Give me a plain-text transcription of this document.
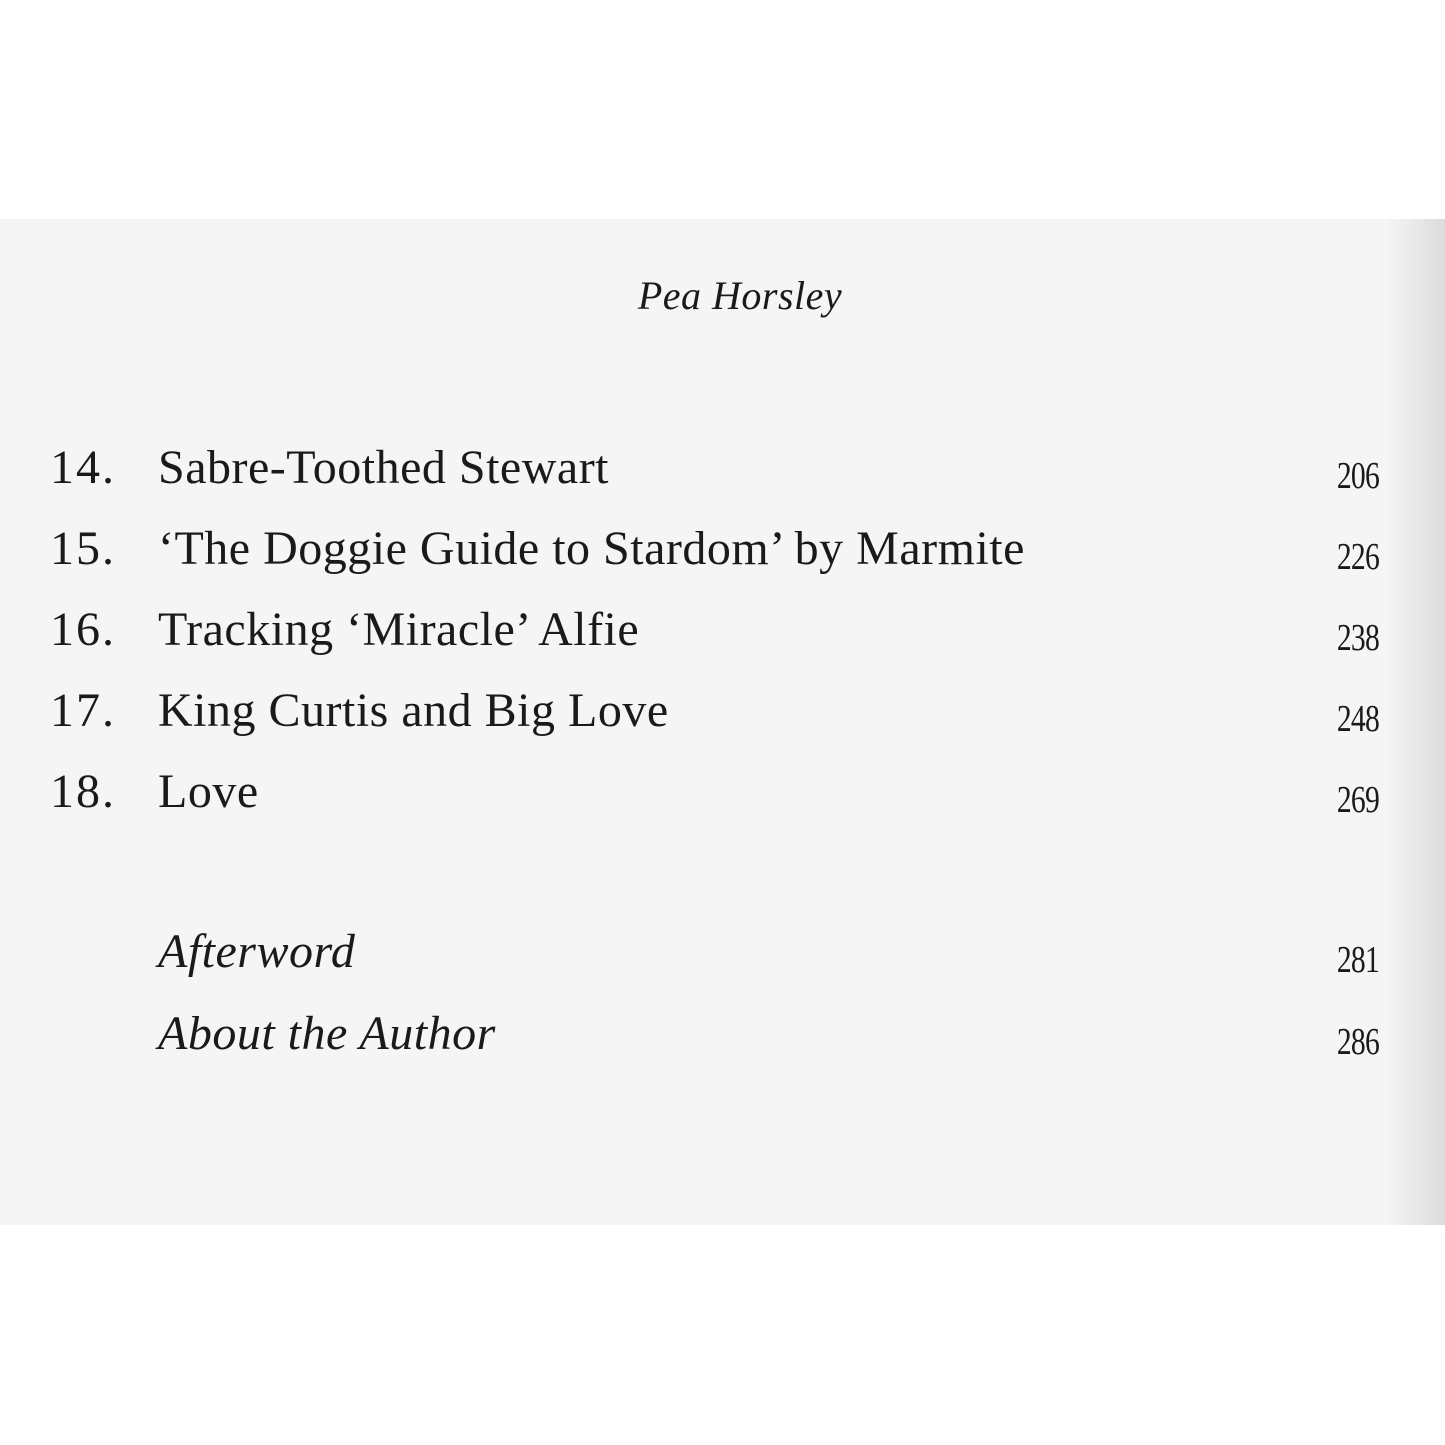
Pea Horsley
14. Sabre-Toothed Stewart	206
15. ‘The Doggie Guide to Stardom’ by Marmite	226
16. Tracking ‘Miracle’ Alfie	238
17. King Curtis and Big Love	248
18. Love	269
Afterword	281
About the Author	286
